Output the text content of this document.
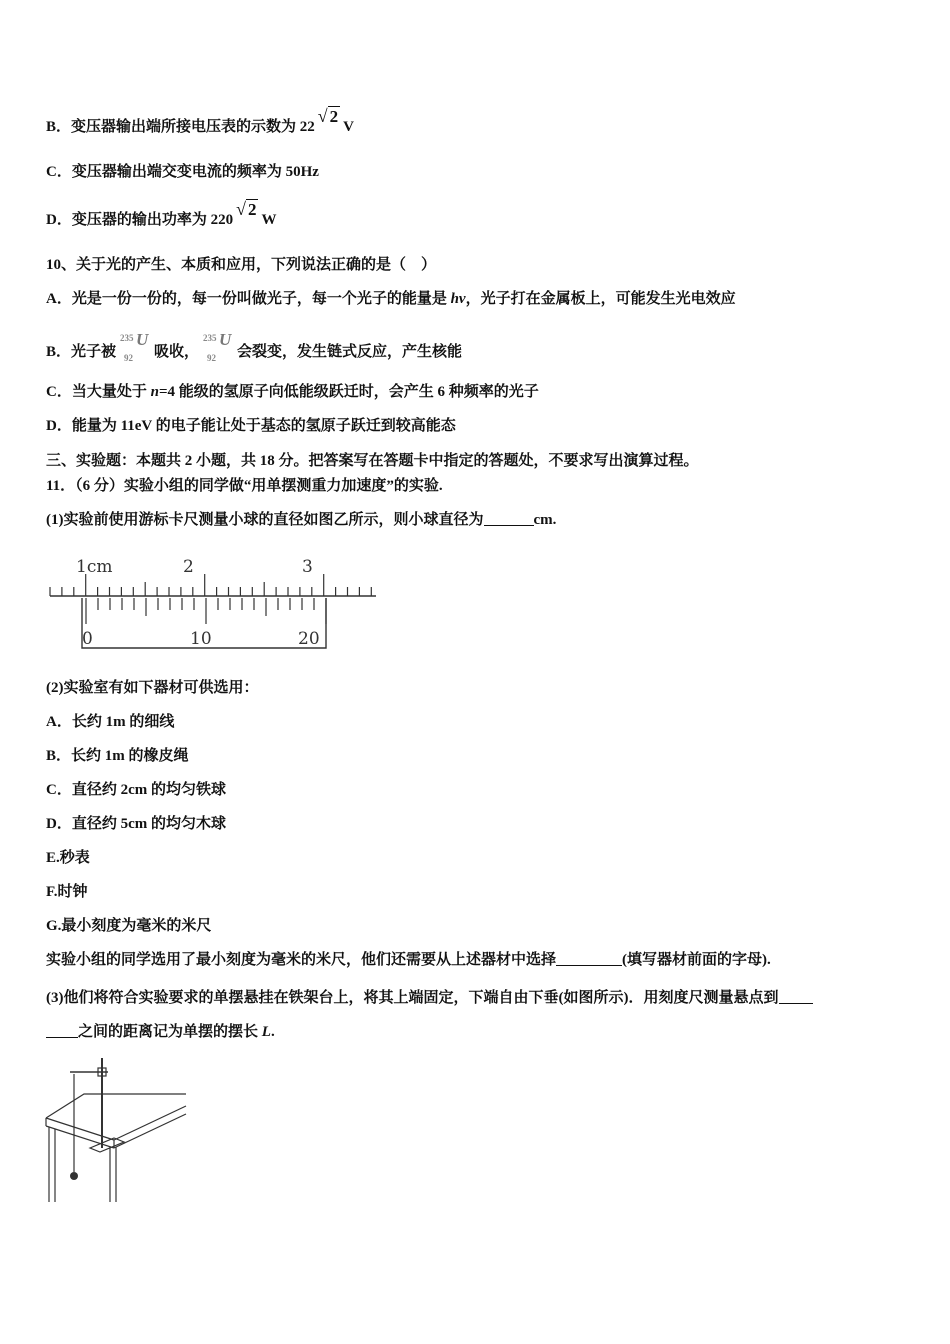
B．变压器输出端所接电压表的示数为 22√ 2V
C．变压器输出端交变电流的频率为 50Hz
D．变压器的输出功率为 220√ 2W
10、关于光的产生、本质和应用，下列说法正确的是（　）
A．光是一份一份的，每一份叫做光子，每一个光子的能量是 hν，光子打在金属板上，可能发生光电效应
B．光子被
235
92
U
吸收，
235
92
U
会裂变，发生链式反应，产生核能
C．当大量处于 n=4 能级的氢原子向低能级跃迁时，会产生 6 种频率的光子
D．能量为 11eV 的电子能让处于基态的氢原子跃迁到较高能态
三、实验题：本题共 2 小题，共 18 分。把答案写在答题卡中指定的答题处，不要求写出演算过程。
11．（6 分）实验小组的同学做“用单摆测重力加速度”的实验.
(1)实验前使用游标卡尺测量小球的直径如图乙所示，则小球直径为	cm.
1cm	2	3
0	10	20
(2)实验室有如下器材可供选用：
A．长约 1m 的细线
B．长约 1m 的橡皮绳
C．直径约 2cm 的均匀铁球
D．直径约 5cm 的均匀木球
E.秒表
F.时钟
G.最小刻度为毫米的米尺
实验小组的同学选用了最小刻度为毫米的米尺，他们还需要从上述器材中选择	(填写器材前面的字母).
(3)他们将符合实验要求的单摆悬挂在铁架台上，将其上端固定，下端自由下垂(如图所示)．用刻度尺测量悬点到
之间的距离记为单摆的摆长 L.
